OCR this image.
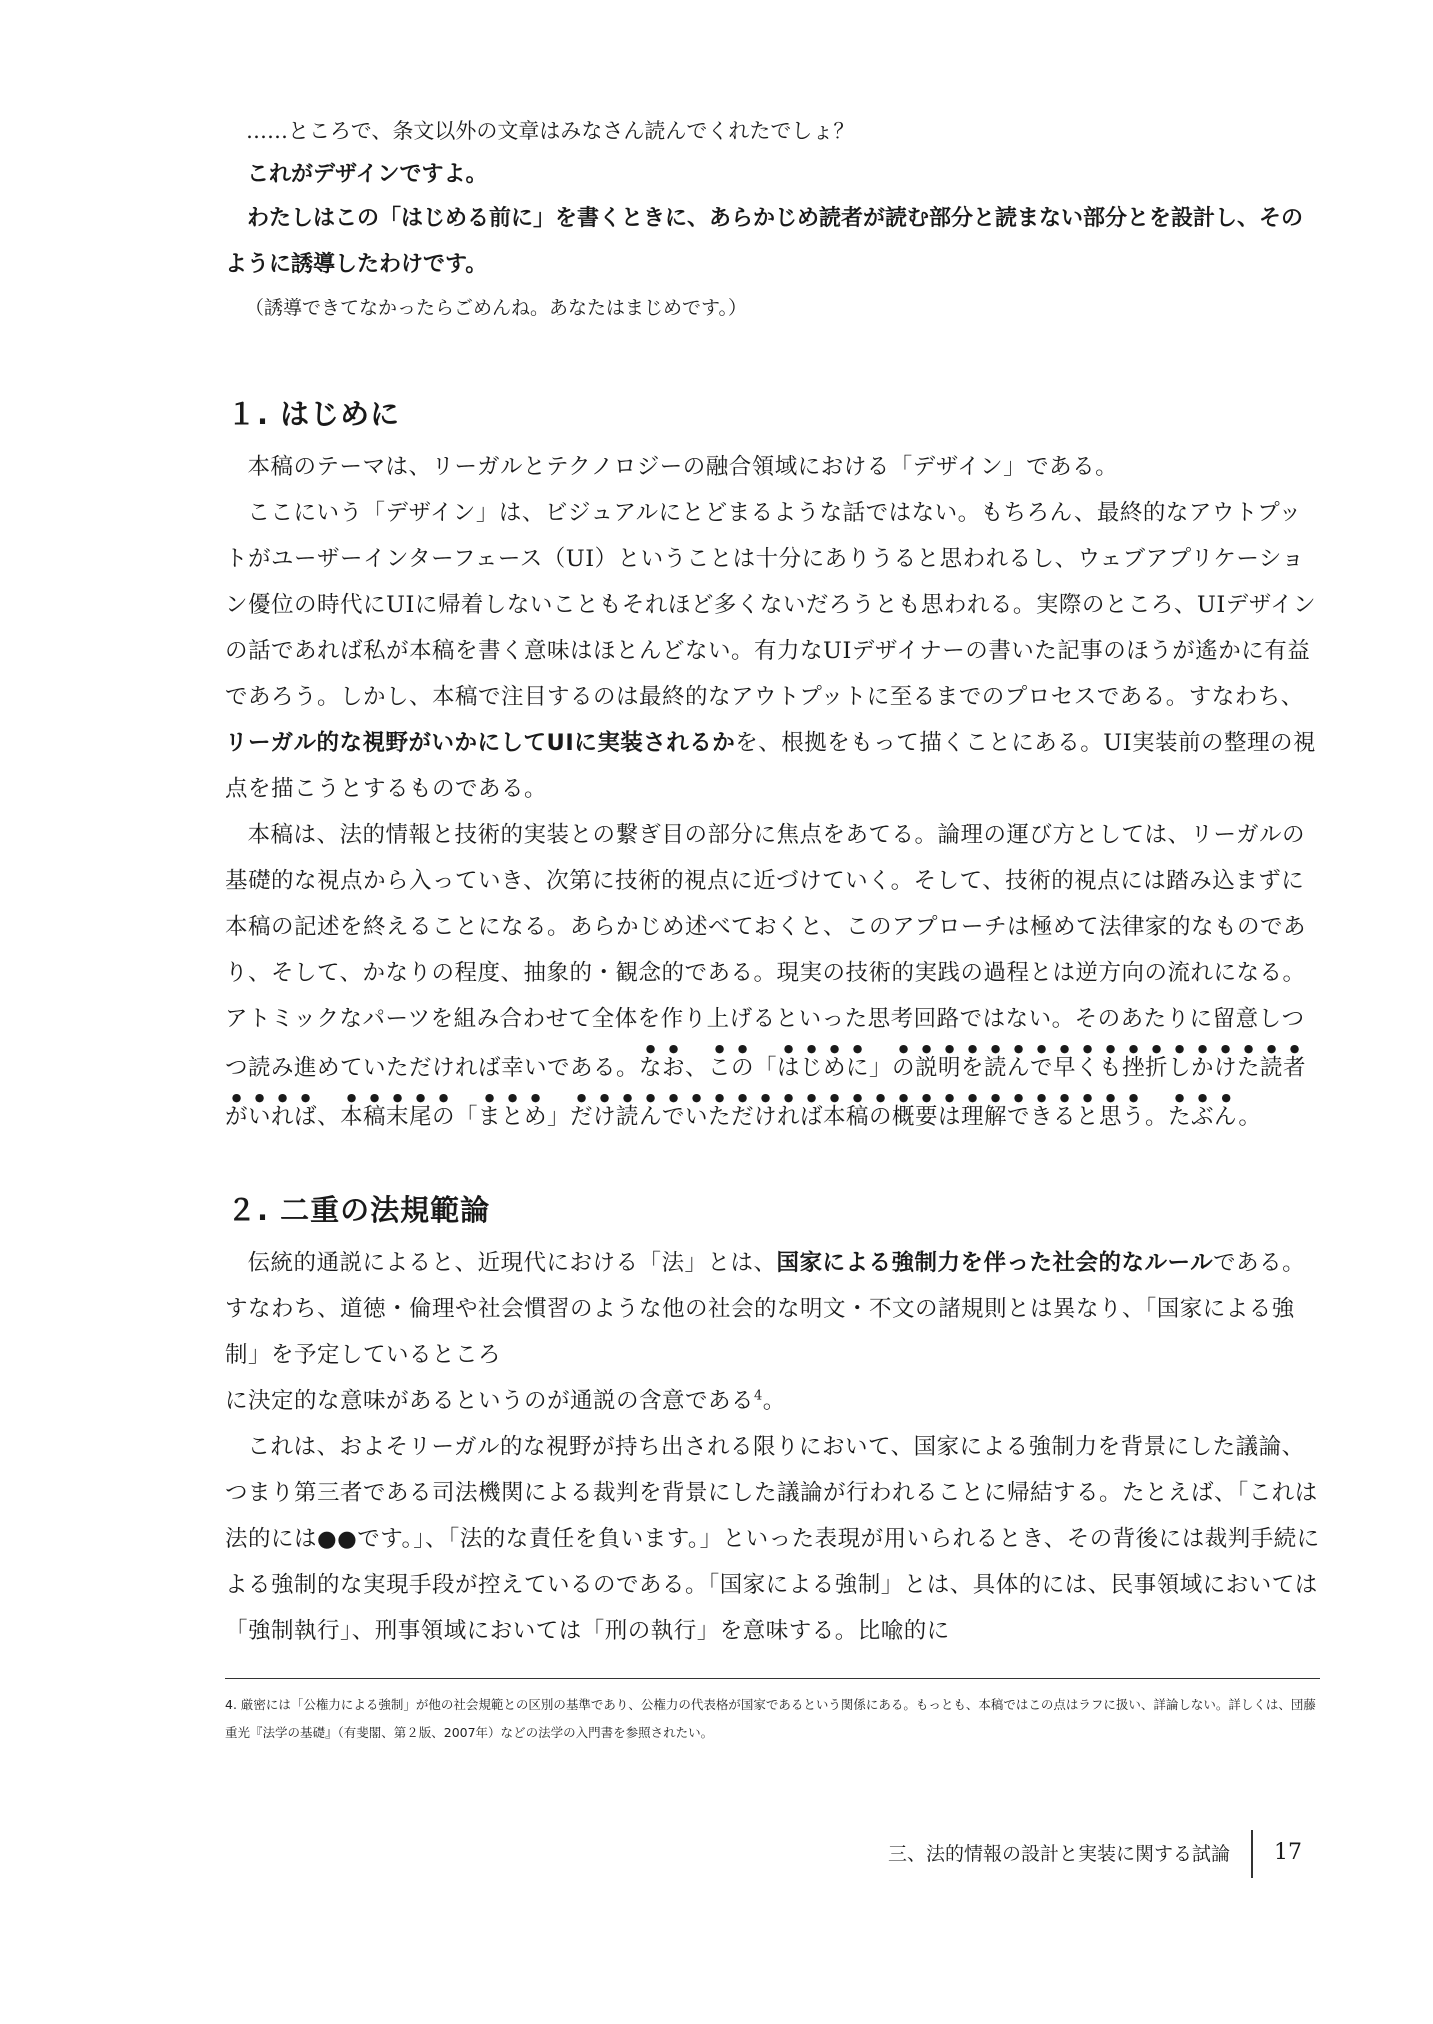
……ところで、条文以外の文章はみなさん読んでくれたでしょ？

これがデザインですよ。

わたしはこの「はじめる前に」を書くときに、あらかじめ読者が読む部分と読まない部分とを設計し、そのように誘導したわけです。

（誘導できてなかったらごめんね。あなたはまじめです。）

１. はじめに

本稿のテーマは、リーガルとテクノロジーの融合領域における「デザイン」である。

ここにいう「デザイン」は、ビジュアルにとどまるような話ではない。もちろん、最終的なアウトプットがユーザーインターフェース（UI）ということは十分にありうると思われるし、ウェブアプリケーション優位の時代にUIに帰着しないこともそれほど多くないだろうとも思われる。実際のところ、UIデザインの話であれば私が本稿を書く意味はほとんどない。有力なUIデザイナーの書いた記事のほうが遙かに有益であろう。しかし、本稿で注目するのは最終的なアウトプットに至るまでのプロセスである。すなわち、リーガル的な視野がいかにしてUIに実装されるかを、根拠をもって描くことにある。UI実装前の整理の視点を描こうとするものである。

本稿は、法的情報と技術的実装との繋ぎ目の部分に焦点をあてる。論理の運び方としては、リーガルの基礎的な視点から入っていき、次第に技術的視点に近づけていく。そして、技術的視点には踏み込まずに本稿の記述を終えることになる。あらかじめ述べておくと、このアプローチは極めて法律家的なものであり、そして、かなりの程度、抽象的・観念的である。現実の技術的実践の過程とは逆方向の流れになる。アトミックなパーツを組み合わせて全体を作り上げるといった思考回路ではない。そのあたりに留意しつつ読み進めていただければ幸いである。なお、この「はじめに」の説明を読んで早くも挫折しかけた読者がいれば、本稿末尾の「まとめ」だけ読んでいただければ本稿の概要は理解できると思う。たぶん。

２. 二重の法規範論

伝統的通説によると、近現代における「法」とは、国家による強制力を伴った社会的なルールである。すなわち、道徳・倫理や社会慣習のような他の社会的な明文・不文の諸規則とは異なり、「国家による強制」を予定しているところ

に決定的な意味があるというのが通説の含意である$^4$。

これは、およそリーガル的な視野が持ち出される限りにおいて、国家による強制力を背景にした議論、つまり第三者である司法機関による裁判を背景にした議論が行われることに帰結する。たとえば、「これは法的には●●です。」、「法的な責任を負います。」といった表現が用いられるとき、その背後には裁判手続による強制的な実現手段が控えているのである。「国家による強制」とは、具体的には、民事領域においては「強制執行」、刑事領域においては「刑の執行」を意味する。比喩的に

4. 厳密には「公権力による強制」が他の社会規範との区別の基準であり、公権力の代表格が国家であるという関係にある。もっとも、本稿ではこの点はラフに扱い、詳論しない。詳しくは、団藤重光『法学の基礎』（有斐閣、第２版、2007年）などの法学の入門書を参照されたい。

三、法的情報の設計と実装に関する試論 17
